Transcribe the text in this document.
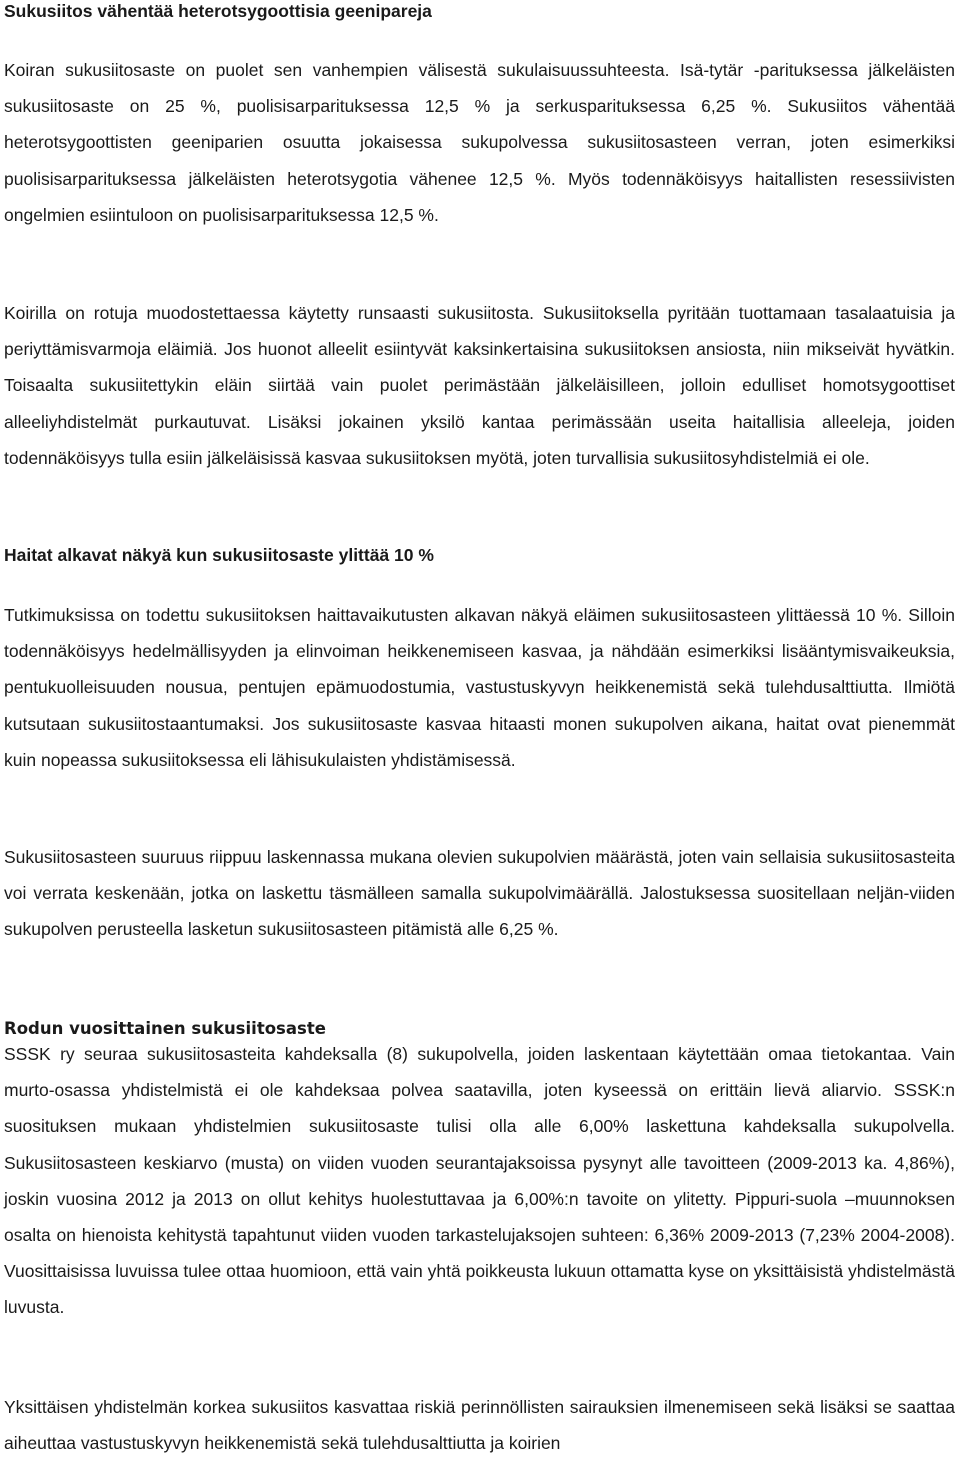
Sukusiitos vähentää heterotsygoottisia geenipareja

Koiran sukusiitosaste on puolet sen vanhempien välisestä sukulaisuussuhteesta. Isä-tytär -parituksessa jälkeläisten sukusiitosaste on 25 %, puolisisarparituksessa 12,5 % ja serkusparituksessa 6,25 %. Sukusiitos vähentää heterotsygoottisten geeniparien osuutta jokaisessa sukupolvessa sukusiitosasteen verran, joten esimerkiksi puolisisarparituksessa jälkeläisten heterotsygotia vähenee 12,5 %. Myös todennäköisyys haitallisten resessiivisten ongelmien esiintuloon on puolisisarparituksessa 12,5 %.

Koirilla on rotuja muodostettaessa käytetty runsaasti sukusiitosta. Sukusiitoksella pyritään tuottamaan tasalaatuisia ja periyttämisvarmoja eläimiä. Jos huonot alleelit esiintyvät kaksinkertaisina sukusiitoksen ansiosta, niin mikseivät hyvätkin. Toisaalta sukusiitettykin eläin siirtää vain puolet perimästään jälkeläisilleen, jolloin edulliset homotsygoottiset alleeliyhdistelmät purkautuvat. Lisäksi jokainen yksilö kantaa perimässään useita haitallisia alleeleja, joiden todennäköisyys tulla esiin jälkeläisissä kasvaa sukusiitoksen myötä, joten turvallisia sukusiitosyhdistelmiä ei ole.

Haitat alkavat näkyä kun sukusiitosaste ylittää 10 %

Tutkimuksissa on todettu sukusiitoksen haittavaikutusten alkavan näkyä eläimen sukusiitosasteen ylittäessä 10 %. Silloin todennäköisyys hedelmällisyyden ja elinvoiman heikkenemiseen kasvaa, ja nähdään esimerkiksi lisääntymisvaikeuksia, pentukuolleisuuden nousua, pentujen epämuodostumia, vastustuskyvyn heikkenemistä sekä tulehdusalttiutta. Ilmiötä kutsutaan sukusiitostaantumaksi. Jos sukusiitosaste kasvaa hitaasti monen sukupolven aikana, haitat ovat pienemmät kuin nopeassa sukusiitoksessa eli lähisukulaisten yhdistämisessä.

Sukusiitosasteen suuruus riippuu laskennassa mukana olevien sukupolvien määrästä, joten vain sellaisia sukusiitosasteita voi verrata keskenään, jotka on laskettu täsmälleen samalla sukupolvimäärällä. Jalostuksessa suositellaan neljän-viiden sukupolven perusteella lasketun sukusiitosasteen pitämistä alle 6,25 %.

Rodun vuosittainen sukusiitosaste

SSSK ry seuraa sukusiitosasteita kahdeksalla (8) sukupolvella, joiden laskentaan käytettään omaa tietokantaa. Vain murto-osassa yhdistelmistä ei ole kahdeksaa polvea saatavilla, joten kyseessä on erittäin lievä aliarvio. SSSK:n suosituksen mukaan yhdistelmien sukusiitosaste tulisi olla alle 6,00% laskettuna kahdeksalla sukupolvella. Sukusiitosasteen keskiarvo (musta) on viiden vuoden seurantajaksoissa pysynyt alle tavoitteen (2009-2013 ka. 4,86%), joskin vuosina 2012 ja 2013 on ollut kehitys huolestuttavaa ja 6,00%:n tavoite on ylitetty. Pippuri-suola –muunnoksen osalta on hienoista kehitystä tapahtunut viiden vuoden tarkastelujaksojen suhteen: 6,36% 2009-2013 (7,23% 2004-2008). Vuosittaisissa luvuissa tulee ottaa huomioon, että vain yhtä poikkeusta lukuun ottamatta kyse on yksittäisistä yhdistelmästä luvusta.

Yksittäisen yhdistelmän korkea sukusiitos kasvattaa riskiä perinnöllisten sairauksien ilmenemiseen sekä lisäksi se saattaa aiheuttaa vastustuskyvyn heikkenemistä sekä tulehdusalttiutta ja koirien
